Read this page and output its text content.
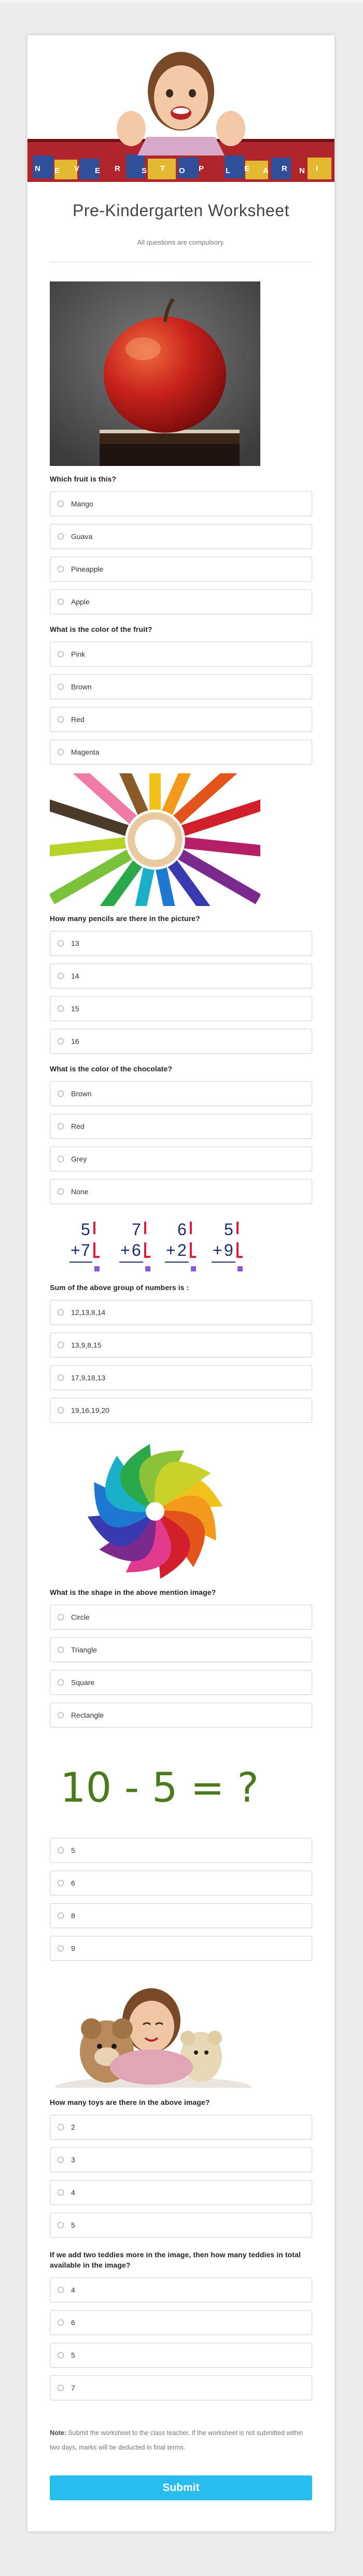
N E V E R	S T O P	L E A R N I
Pre-Kindergarten Worksheet
All questions are compulsory.
Which fruit is this?
Mango
Guava
Pineapple
Apple
What is the color of the fruit?
Pink
Brown
Red
Magenta
How many pencils are there in the picture?
13
14
15
16
What is the color of the chocolate?
Brown
Red
Grey
None
5
+ 7
7
+ 6
6
+ 2
5
+ 9
Sum of the above group of numbers is :
12,13,8,14
13,9,8,15
17,9,18,13
19,16,19,20
What is the shape in the above mention image?
Circle
Triangle
Square
Rectangle
10 - 5 = ?
5
6
8
9
How many toys are there in the above image?
2
3
4
5
If we add two teddies more in the image, then how many teddies in total available in the image?
4
6
5
7
Note: Submit the worksheet to the class teacher. If the worksheet is not submitted within two days, marks will be deducted in final terms.
Submit
